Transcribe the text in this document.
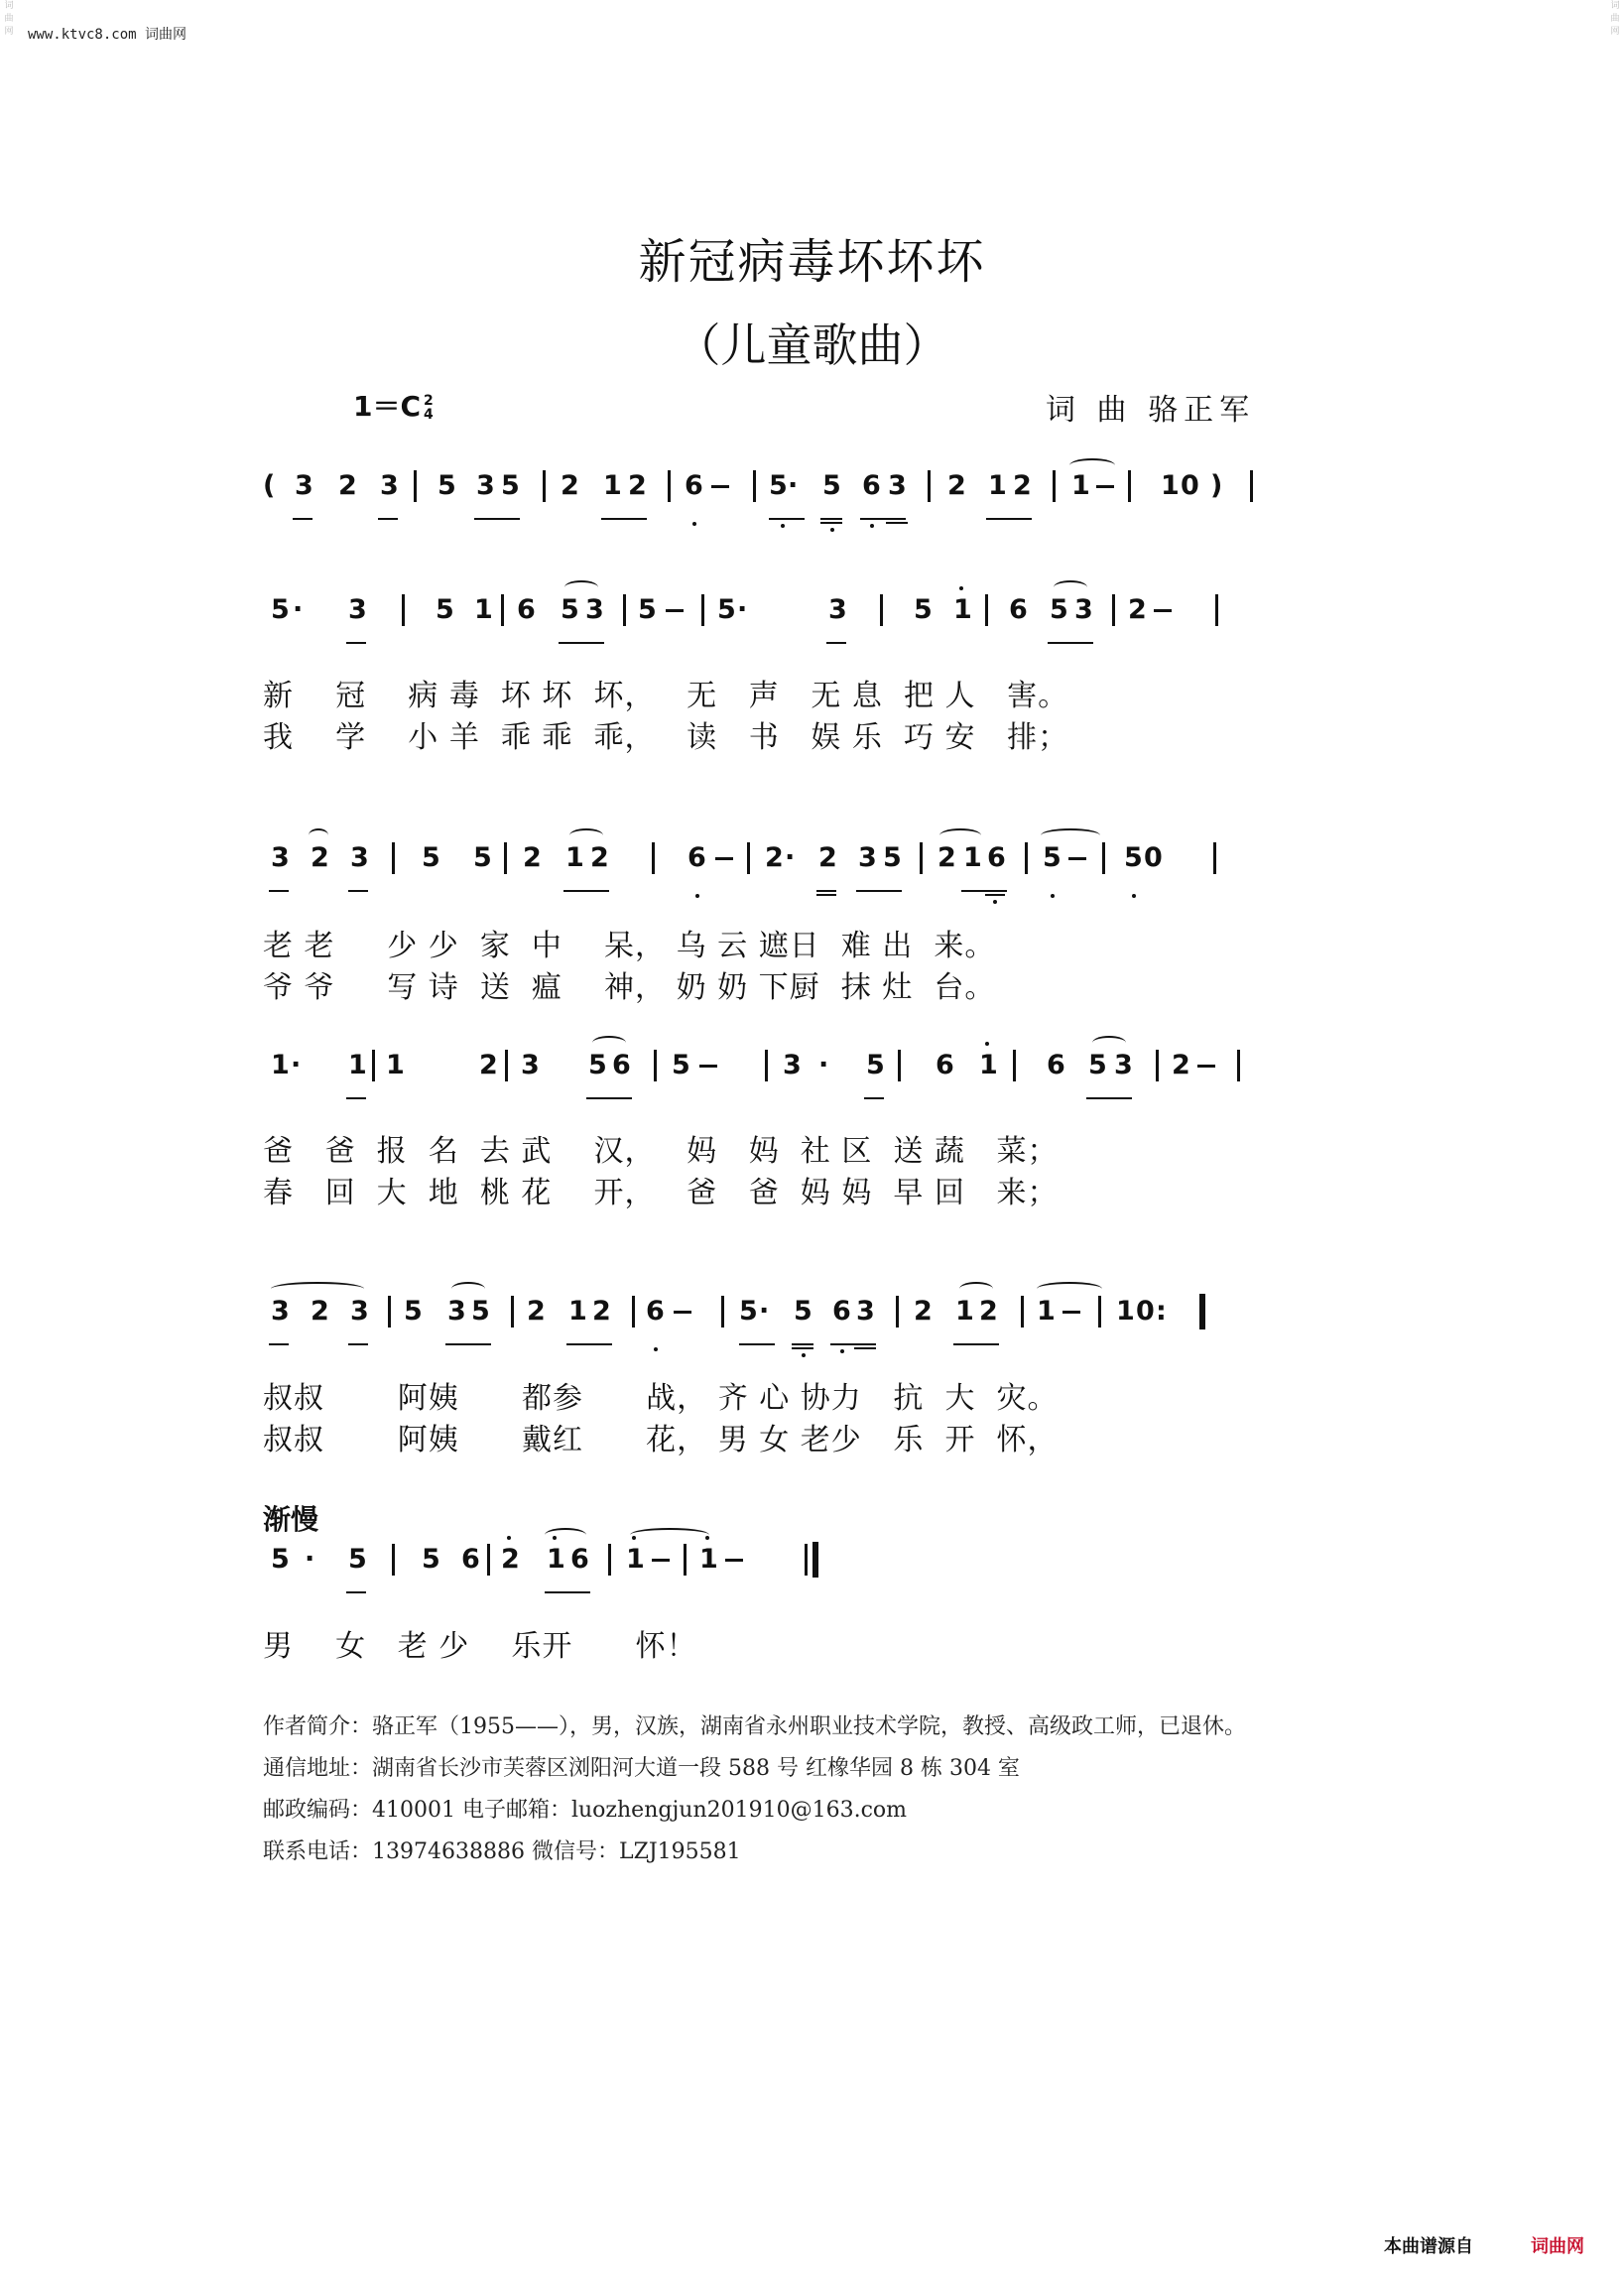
www.ktvc8.com 词曲网
新冠病毒坏坏坏
（儿童歌曲）
1＝C 2
4	词 曲 骆正军
( 3 2 3 5 3 5 2 1 2 6 5 · 5 6 3 2 1 2 1	1 0 )
5 · 3	5 1 6 5 3 5 5 ·	3 5 1 6 5 3 2
新    冠    病 毒  坏 坏  坏，   无   声   无 息  把 人   害。
我    学    小 羊  乖 乖  乖，   读   书   娱 乐  巧 安   排；
3 2 3 5 5 2 1 2	6 2 · 2 3 5 2 1 6 5 5 0
老 老     少 少  家  中    呆， 乌 云 遮日  难 出  来。
爷 爷     写 诗  送  瘟    神， 奶 奶 下厨  抹 灶  台。
1 · 1 1	2 3 5 6 5	3 · 5 6 1 6 5 3 2
爸   爸  报  名  去 武    汉，   妈   妈  社 区  送 蔬   菜；
春   回  大  地  桃 花    开，   爸   爸  妈 妈  早 回   来；
3 2 3 5 3 5 2 1 2 6	5 · 5 6 3 2 1 2 1 1 0 :
叔叔       阿姨      都参      战， 齐 心 协力   抗  大  灾。
叔叔       阿姨      戴红      花， 男 女 老少   乐  开  怀，
渐慢
5 · 5 5 6 2 1 6 1 1
男    女   老 少    乐开      怀！
作者简介：骆正军（1955——），男，汉族，湖南省永州职业技术学院，教授、高级政工师，已退休。
通信地址：湖南省长沙市芙蓉区浏阳河大道一段 588 号 红橡华园 8 栋 304 室
邮政编码：410001 电子邮箱：luozhengjun201910@163.com
联系电话：13974638886 微信号：LZJ195581
词曲网
词曲网
本曲谱源自	词曲网
